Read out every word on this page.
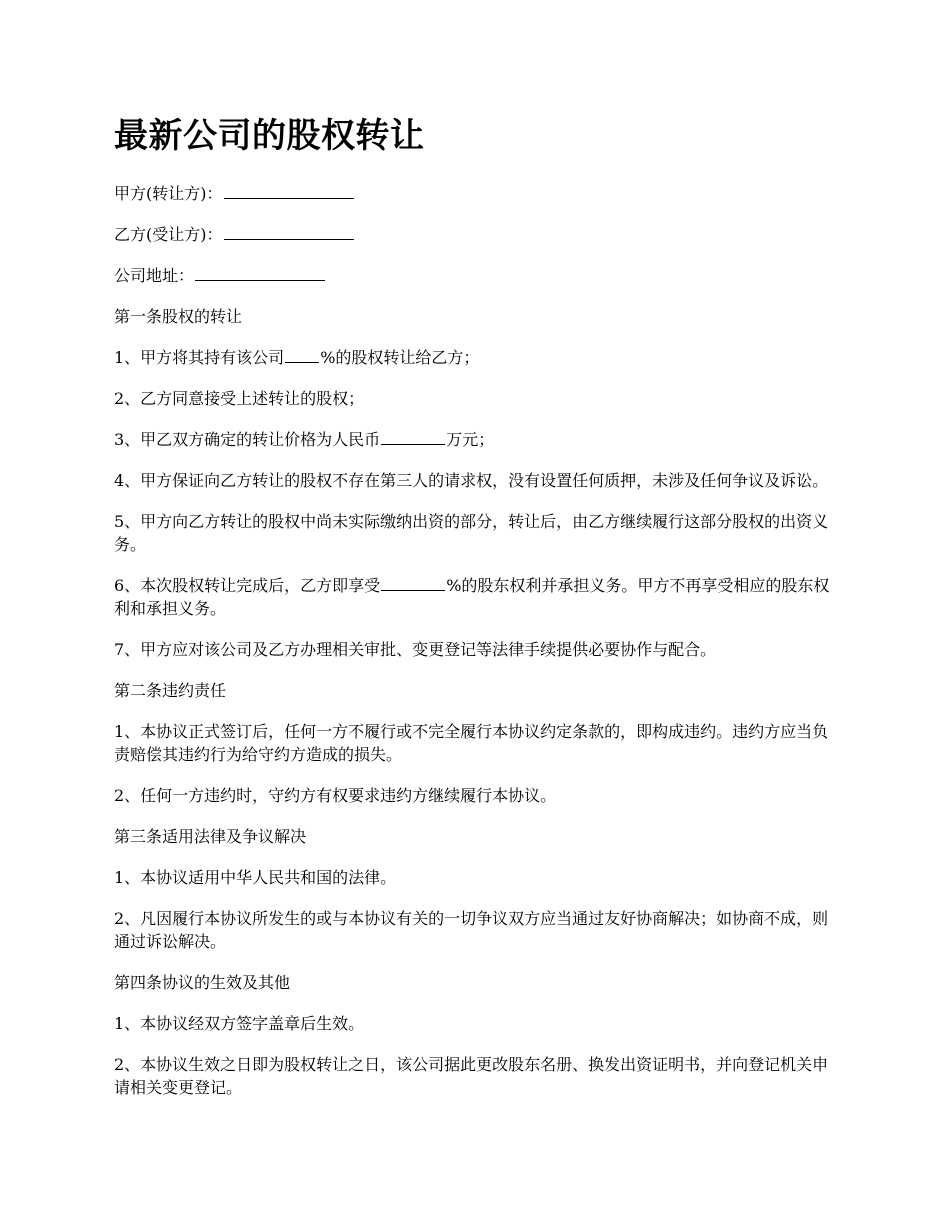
最新公司的股权转让

甲方(转让方)：

乙方(受让方)：

公司地址：

第一条股权的转让

1、甲方将其持有该公司 %的股权转让给乙方；

2、乙方同意接受上述转让的股权；

3、甲乙双方确定的转让价格为人民币	万元；

4、甲方保证向乙方转让的股权不存在第三人的请求权，没有设置任何质押，未涉及任何争议及诉讼。

5、甲方向乙方转让的股权中尚未实际缴纳出资的部分，转让后，由乙方继续履行这部分股权的出资义务。

6、本次股权转让完成后，乙方即享受	%的股东权利并承担义务。甲方不再享受相应的股东权利和承担义务。

7、甲方应对该公司及乙方办理相关审批、变更登记等法律手续提供必要协作与配合。

第二条违约责任

1、本协议正式签订后，任何一方不履行或不完全履行本协议约定条款的，即构成违约。违约方应当负责赔偿其违约行为给守约方造成的损失。

2、任何一方违约时，守约方有权要求违约方继续履行本协议。

第三条适用法律及争议解决

1、本协议适用中华人民共和国的法律。

2、凡因履行本协议所发生的或与本协议有关的一切争议双方应当通过友好协商解决；如协商不成，则通过诉讼解决。

第四条协议的生效及其他

1、本协议经双方签字盖章后生效。

2、本协议生效之日即为股权转让之日，该公司据此更改股东名册、换发出资证明书，并向登记机关申请相关变更登记。
